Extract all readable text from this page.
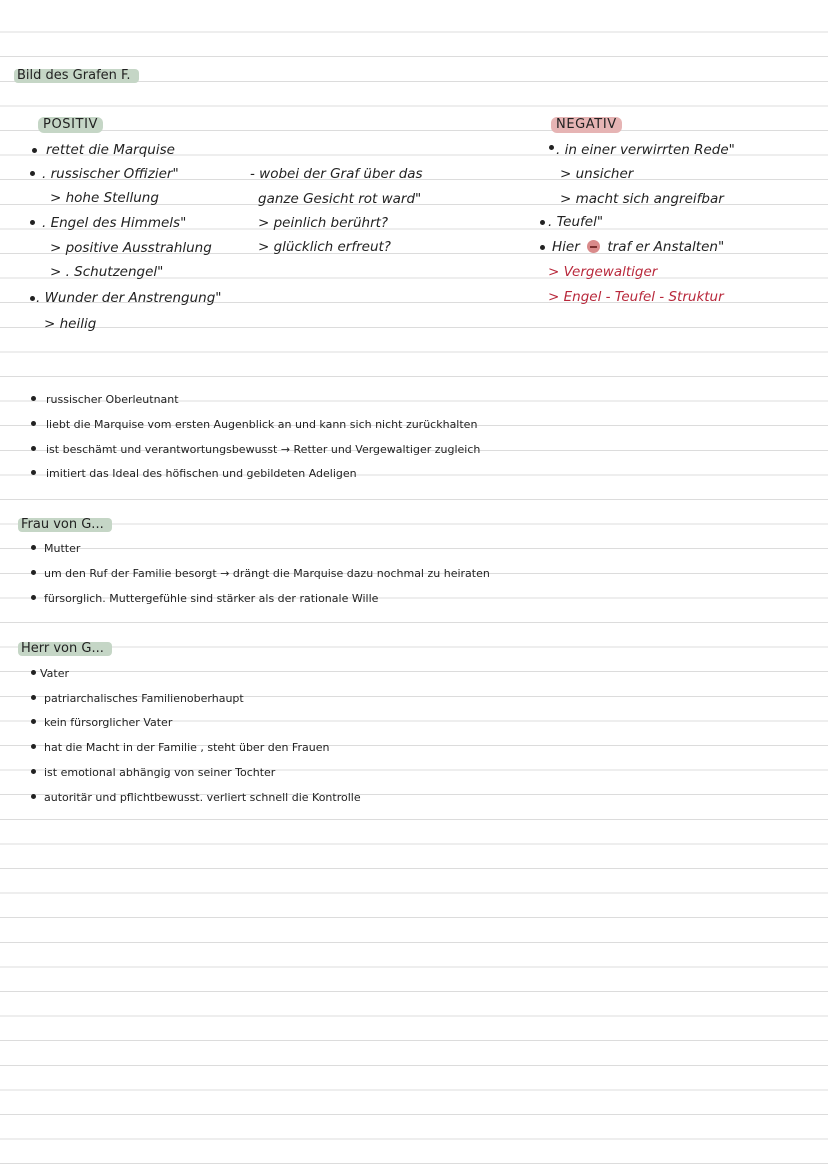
Bild des Grafen F.
POSITIV	NEGATIV
rettet die Marquise
. russischer Offizier"
> hohe Stellung
. Engel des Himmels"
> positive Ausstrahlung
> . Schutzengel"
. Wunder der Anstrengung"
> heilig
- wobei der Graf über das
ganze Gesicht rot ward"
> peinlich berührt?
> glücklich erfreut?
. in einer verwirrten Rede"
> unsicher
> macht sich angreifbar
. Teufel"
Hier traf er Anstalten"
> Vergewaltiger
> Engel - Teufel - Struktur
russischer Oberleutnant
liebt die Marquise vom ersten Augenblick an und kann sich nicht zurückhalten
ist beschämt und verantwortungsbewusst → Retter und Vergewaltiger zugleich
imitiert das Ideal des höfischen und gebildeten Adeligen
Frau von G...
Mutter
um den Ruf der Familie besorgt → drängt die Marquise dazu nochmal zu heiraten
fürsorglich. Muttergefühle sind stärker als der rationale Wille
Herr von G...
Vater
patriarchalisches Familienoberhaupt
kein fürsorglicher Vater
hat die Macht in der Familie , steht über den Frauen
ist emotional abhängig von seiner Tochter
autoritär und pflichtbewusst. verliert schnell die Kontrolle
